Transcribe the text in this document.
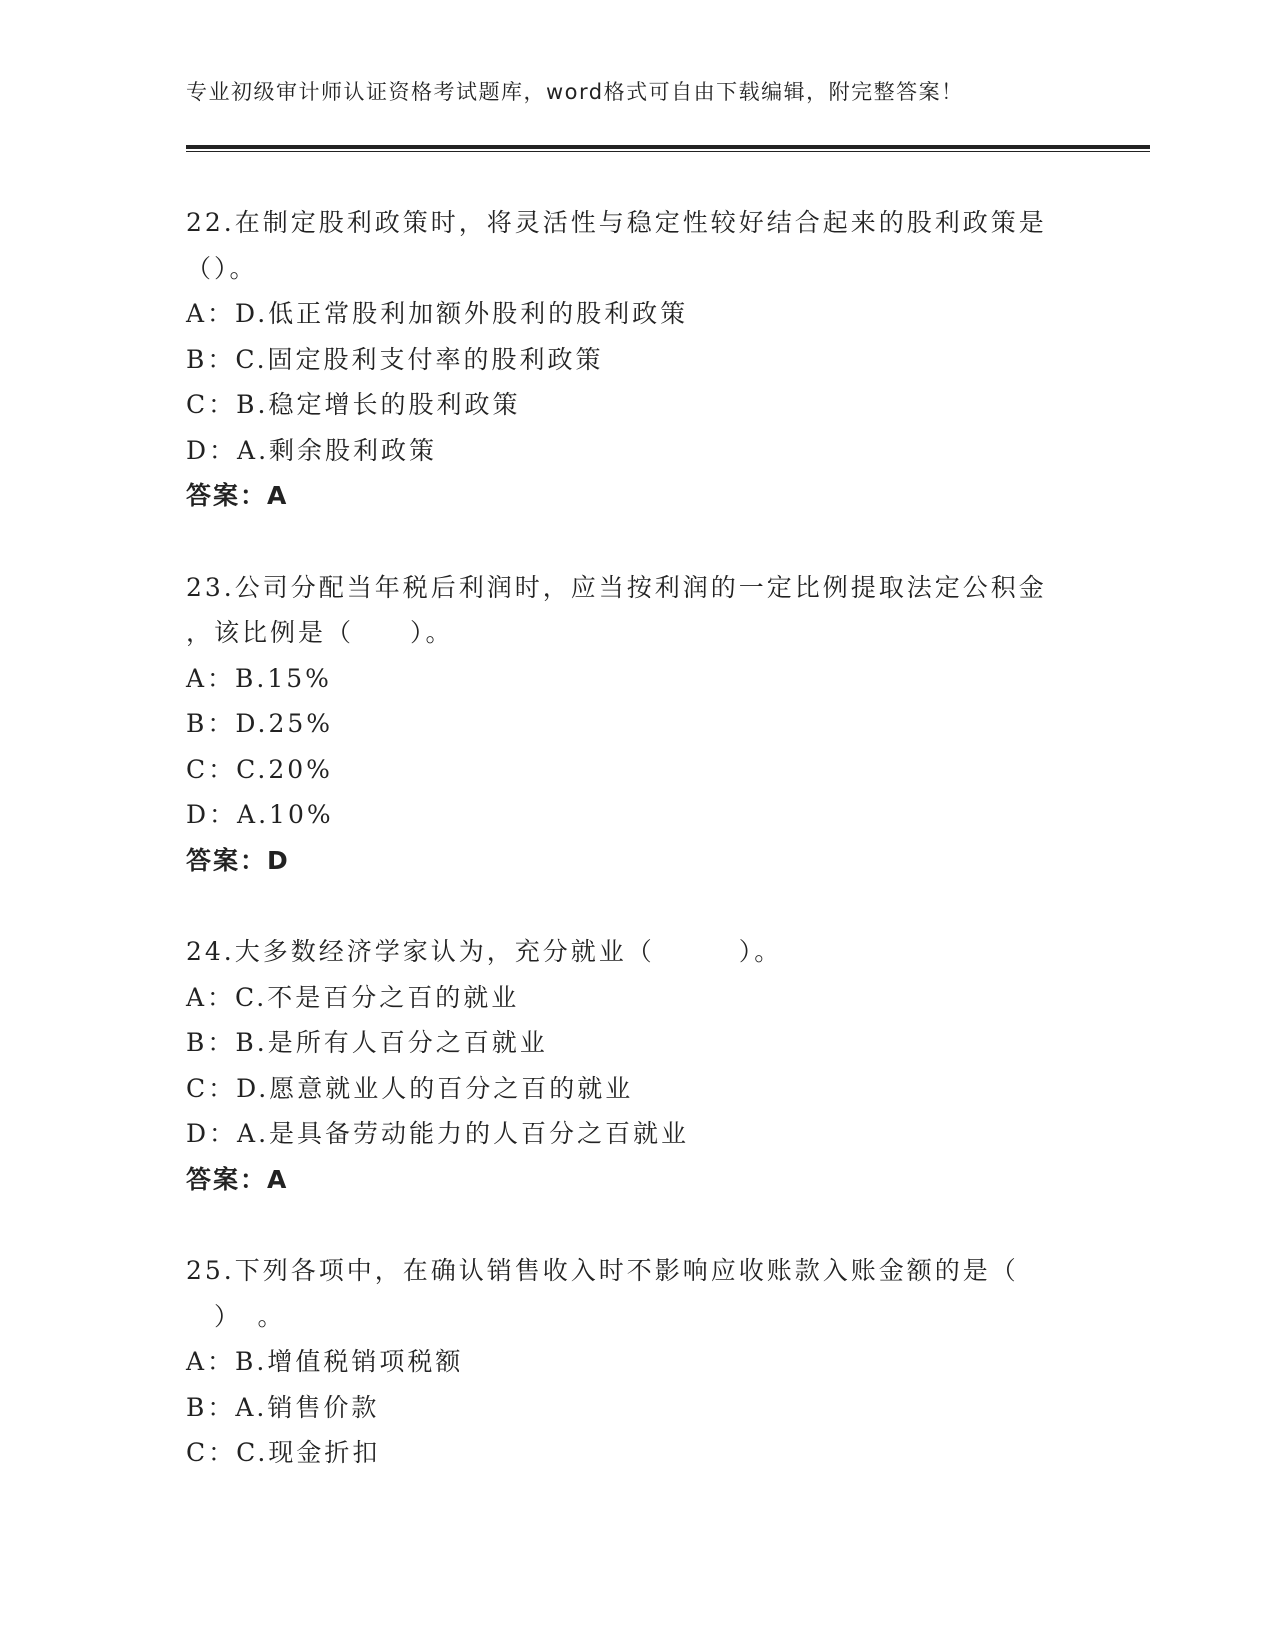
专业初级审计师认证资格考试题库，word格式可自由下载编辑，附完整答案！
22.在制定股利政策时，将灵活性与稳定性较好结合起来的股利政策是
（）。
A：D.低正常股利加额外股利的股利政策
B：C.固定股利支付率的股利政策
C：B.稳定增长的股利政策
D：A.剩余股利政策
答案：A
23.公司分配当年税后利润时，应当按利润的一定比例提取法定公积金
，该比例是（　　）。
A：B.15%
B：D.25%
C：C.20%
D：A.10%
答案：D
24.大多数经济学家认为，充分就业（　　　）。
A：C.不是百分之百的就业
B：B.是所有人百分之百就业
C：D.愿意就业人的百分之百的就业
D：A.是具备劳动能力的人百分之百就业
答案：A
25.下列各项中，在确认销售收入时不影响应收账款入账金额的是（
　）　。
A：B.增值税销项税额
B：A.销售价款
C：C.现金折扣
